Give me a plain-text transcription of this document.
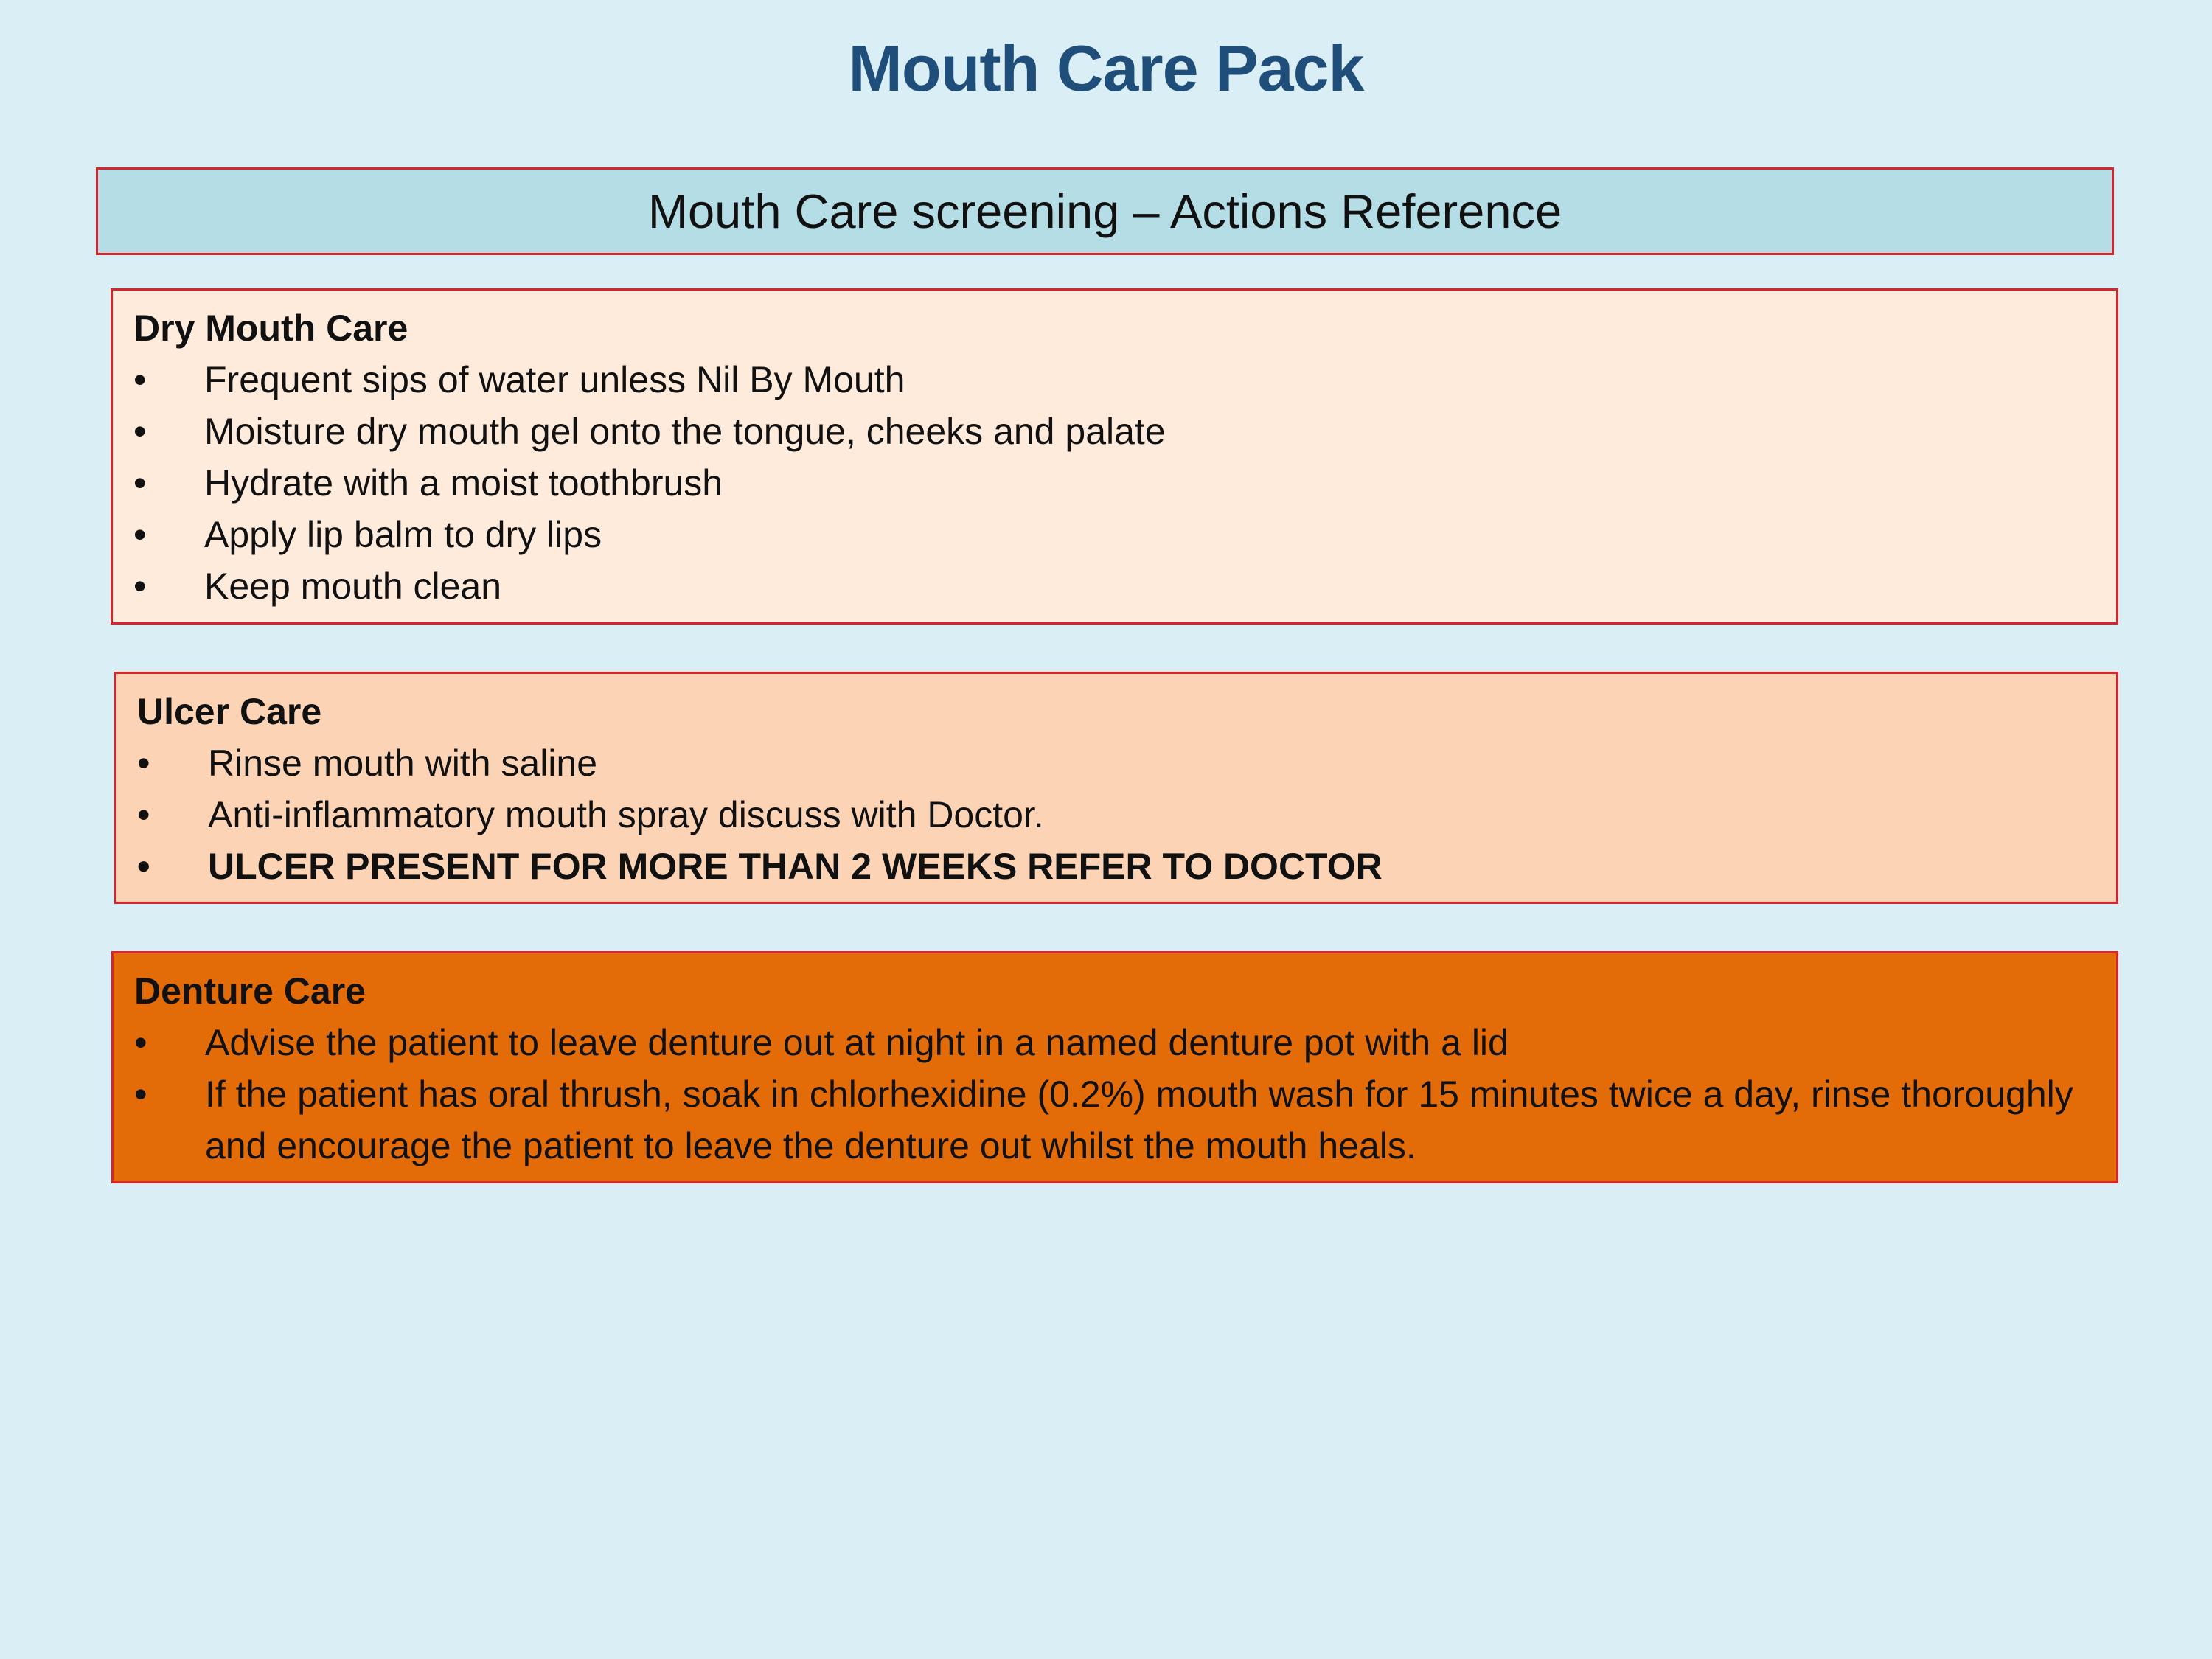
Mouth Care Pack
Mouth Care screening – Actions Reference

Dry Mouth Care

• Frequent sips of water unless Nil By Mouth
• Moisture dry mouth gel onto the tongue, cheeks and palate
• Hydrate with a moist toothbrush
• Apply lip balm to dry lips
• Keep mouth clean

Ulcer Care

• Rinse mouth with saline
• Anti-inflammatory mouth spray discuss with Doctor.
• ULCER PRESENT FOR MORE THAN 2 WEEKS REFER TO DOCTOR

Denture Care

• Advise the patient to leave denture out at night in a named denture pot with a lid
• If the patient has oral thrush, soak in chlorhexidine (0.2%) mouth wash for 15 minutes twice a day, rinse thoroughly and encourage the patient to leave the denture out whilst the mouth heals.
